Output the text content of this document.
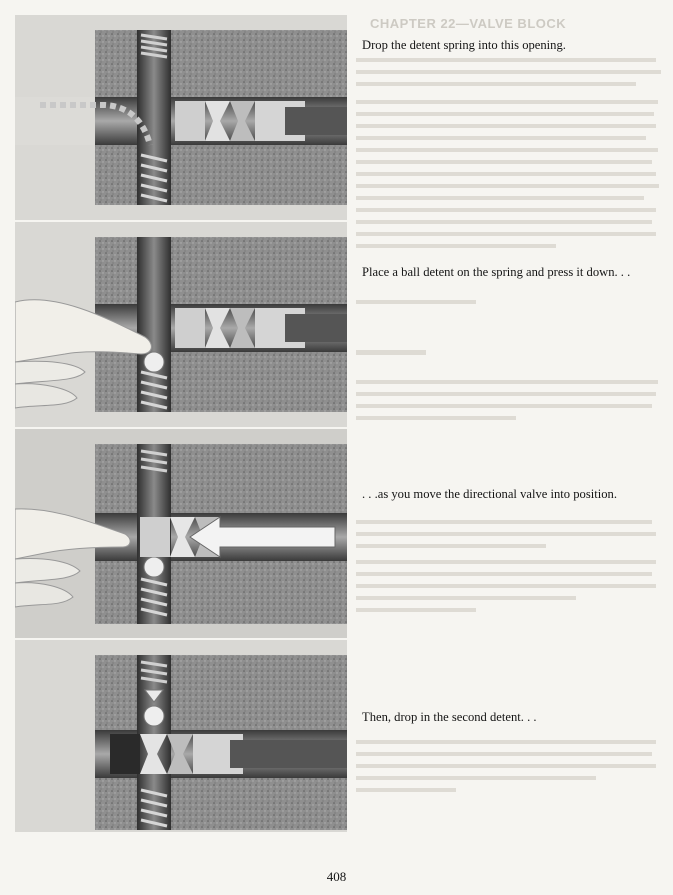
CHAPTER 22—VALVE BLOCK
Drop the detent spring into this opening.
Place a ball detent on the spring and press it down. . .
. . .as you move the directional valve into position.
Then, drop in the second detent. . .
408
